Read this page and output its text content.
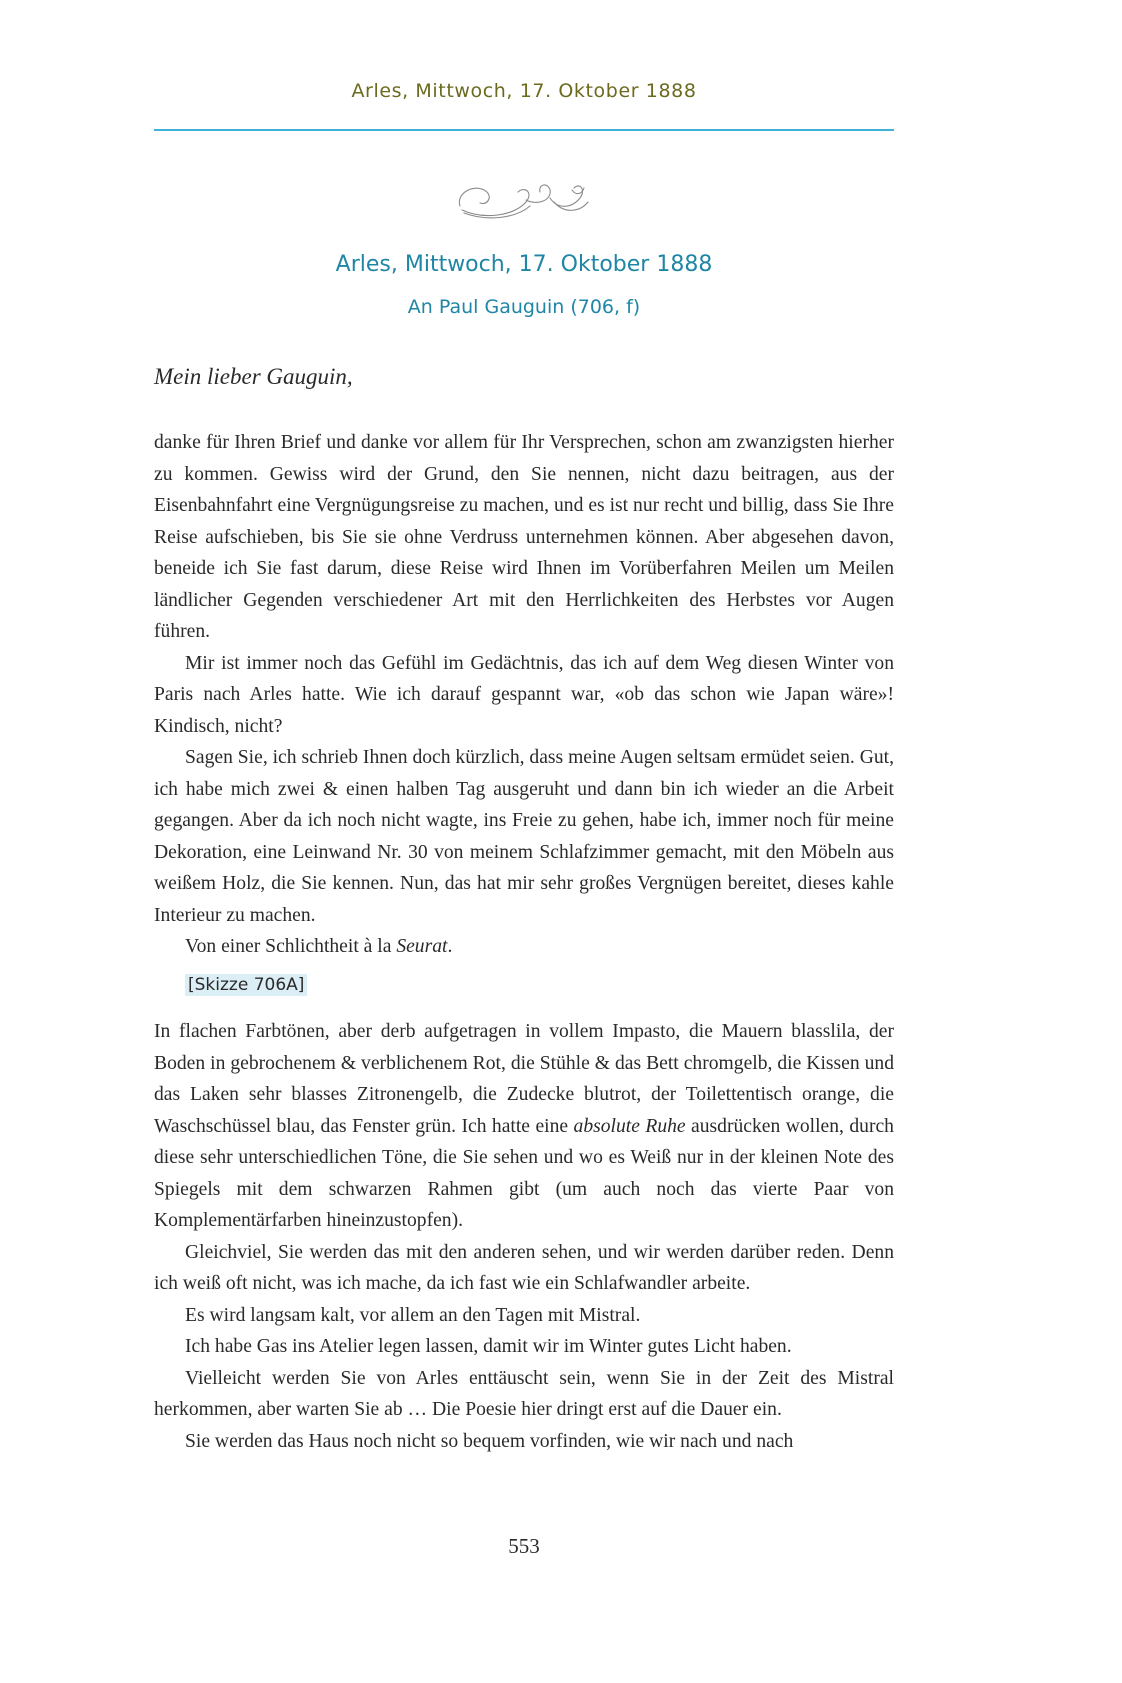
Arles, Mittwoch, 17. Oktober 1888
Arles, Mittwoch, 17. Oktober 1888
An Paul Gauguin (706, f)
Mein lieber Gauguin,

danke für Ihren Brief und danke vor allem für Ihr Versprechen, schon am zwanzigsten hierher zu kommen. Gewiss wird der Grund, den Sie nennen, nicht dazu beitragen, aus der Eisenbahnfahrt eine Vergnügungsreise zu machen, und es ist nur recht und billig, dass Sie Ihre Reise aufschieben, bis Sie sie ohne Verdruss unternehmen können. Aber abgesehen davon, beneide ich Sie fast darum, diese Reise wird Ihnen im Vorüberfahren Meilen um Meilen ländlicher Gegenden verschiedener Art mit den Herrlichkeiten des Herbstes vor Augen führen.

Mir ist immer noch das Gefühl im Gedächtnis, das ich auf dem Weg diesen Winter von Paris nach Arles hatte. Wie ich darauf gespannt war, «ob das schon wie Japan wäre»! Kindisch, nicht?

Sagen Sie, ich schrieb Ihnen doch kürzlich, dass meine Augen seltsam ermüdet seien. Gut, ich habe mich zwei & einen halben Tag ausgeruht und dann bin ich wieder an die Arbeit gegangen. Aber da ich noch nicht wagte, ins Freie zu gehen, habe ich, immer noch für meine Dekoration, eine Leinwand Nr. 30 von meinem Schlafzimmer gemacht, mit den Möbeln aus weißem Holz, die Sie kennen. Nun, das hat mir sehr großes Vergnügen bereitet, dieses kahle Interieur zu machen.

Von einer Schlichtheit à la Seurat.

[Skizze 706A]

In flachen Farbtönen, aber derb aufgetragen in vollem Impasto, die Mauern blasslila, der Boden in gebrochenem & verblichenem Rot, die Stühle & das Bett chromgelb, die Kissen und das Laken sehr blasses Zitronengelb, die Zudecke blutrot, der Toilettentisch orange, die Waschschüssel blau, das Fenster grün. Ich hatte eine absolute Ruhe ausdrücken wollen, durch diese sehr unterschiedlichen Töne, die Sie sehen und wo es Weiß nur in der kleinen Note des Spiegels mit dem schwarzen Rahmen gibt (um auch noch das vierte Paar von Komplementärfarben hineinzustopfen).

Gleichviel, Sie werden das mit den anderen sehen, und wir werden darüber reden. Denn ich weiß oft nicht, was ich mache, da ich fast wie ein Schlafwandler arbeite.

Es wird langsam kalt, vor allem an den Tagen mit Mistral.

Ich habe Gas ins Atelier legen lassen, damit wir im Winter gutes Licht haben.

Vielleicht werden Sie von Arles enttäuscht sein, wenn Sie in der Zeit des Mistral herkommen, aber warten Sie ab … Die Poesie hier dringt erst auf die Dauer ein.

Sie werden das Haus noch nicht so bequem vorfinden, wie wir nach und nach

553
